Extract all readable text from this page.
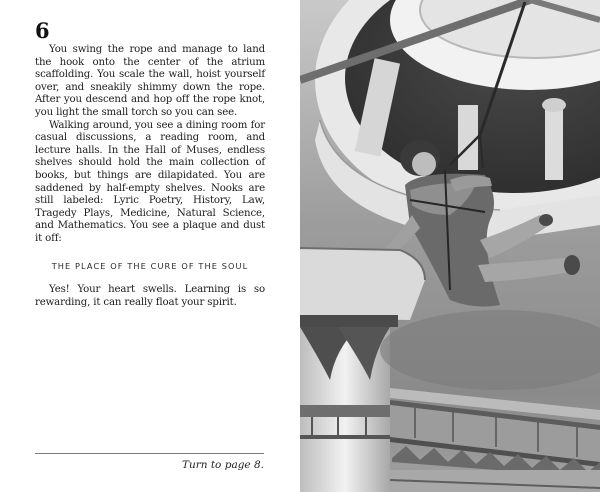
6

You swing the rope and manage to land the hook onto the center of the atrium scaffolding. You scale the wall, hoist yourself over, and sneakily shimmy down the rope. After you descend and hop off the rope knot, you light the small torch so you can see.

Walking around, you see a dining room for casual discussions, a reading room, and lecture halls. In the Hall of Muses, endless shelves should hold the main collection of books, but things are dilapidated. You are saddened by half-empty shelves. Nooks are still labeled: Lyric Poetry, History, Law, Tragedy Plays, Medicine, Natural Science, and Mathematics. You see a plaque and dust it off:

THE PLACE OF THE CURE OF THE SOUL

Yes! Your heart swells. Learning is so rewarding, it can really float your spirit.

Turn to page 8.
